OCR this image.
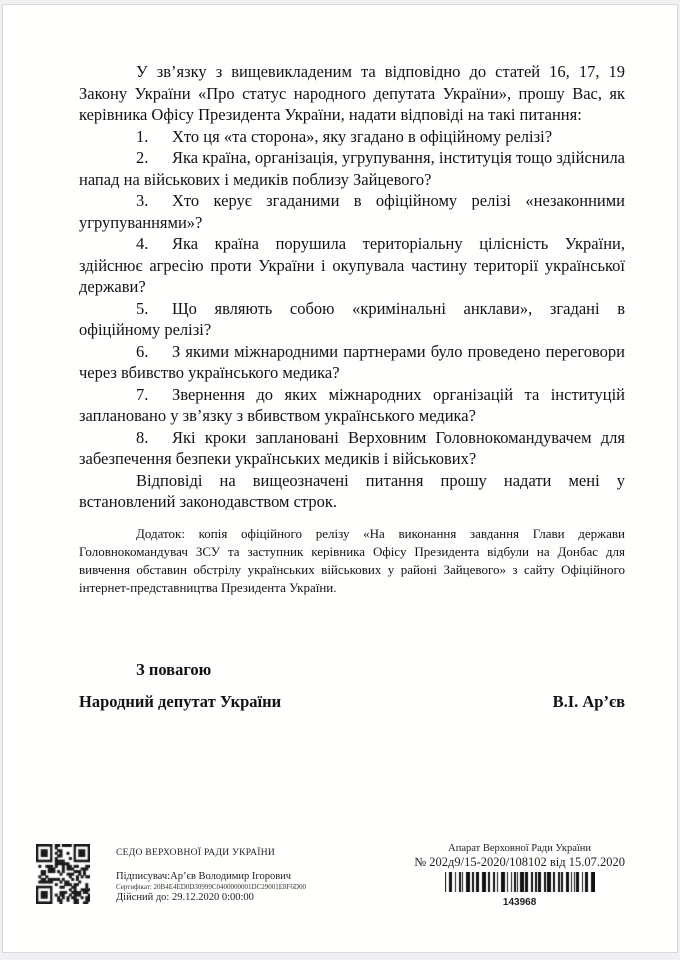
У зв’язку з вищевикладеним та відповідно до статей 16, 17, 19 Закону України «Про статус народного депутата України», прошу Вас, як керівника Офісу Президента України, надати відповіді на такі питання:

1. Хто ця «та сторона», яку згадано в офіційному релізі?

2. Яка країна, організація, угрупування, інституція тощо здійснила напад на військових і медиків поблизу Зайцевого?

3. Хто керує згаданими в офіційному релізі «незаконними угрупуваннями»?

4. Яка країна порушила територіальну цілісність України, здійснює агресію проти України і окупувала частину території української держави?

5. Що являють собою «кримінальні анклави», згадані в офіційному релізі?

6. З якими міжнародними партнерами було проведено переговори через вбивство українського медика?

7. Звернення до яких міжнародних організацій та інституцій заплановано у зв’язку з вбивством українського медика?

8. Які кроки заплановані Верховним Головнокомандувачем для забезпечення безпеки українських медиків і військових?

Відповіді на вищеозначені питання прошу надати мені у встановлений законодавством строк.

Додаток: копія офіційного релізу «На виконання завдання Глави держави Головнокомандувач ЗСУ та заступник керівника Офісу Президента відбули на Донбас для вивчення обставин обстрілу українських військових у районі Зайцевого» з сайту Офіційного інтернет-представництва Президента України.

З повагою

Народний депутат України	В.І. Ар’єв
СЕДО ВЕРХОВНОЇ РАДИ УКРАЇНИ
Підписувач:Ар’єв Володимир Ігорович
Сертифікат: 20B4E4ED0D30999C0400000001DC29001E8F6D00
Дійсний до: 29.12.2020 0:00:00
Апарат Верховної Ради України
№ 202д9/15-2020/108102 від 15.07.2020
143968
